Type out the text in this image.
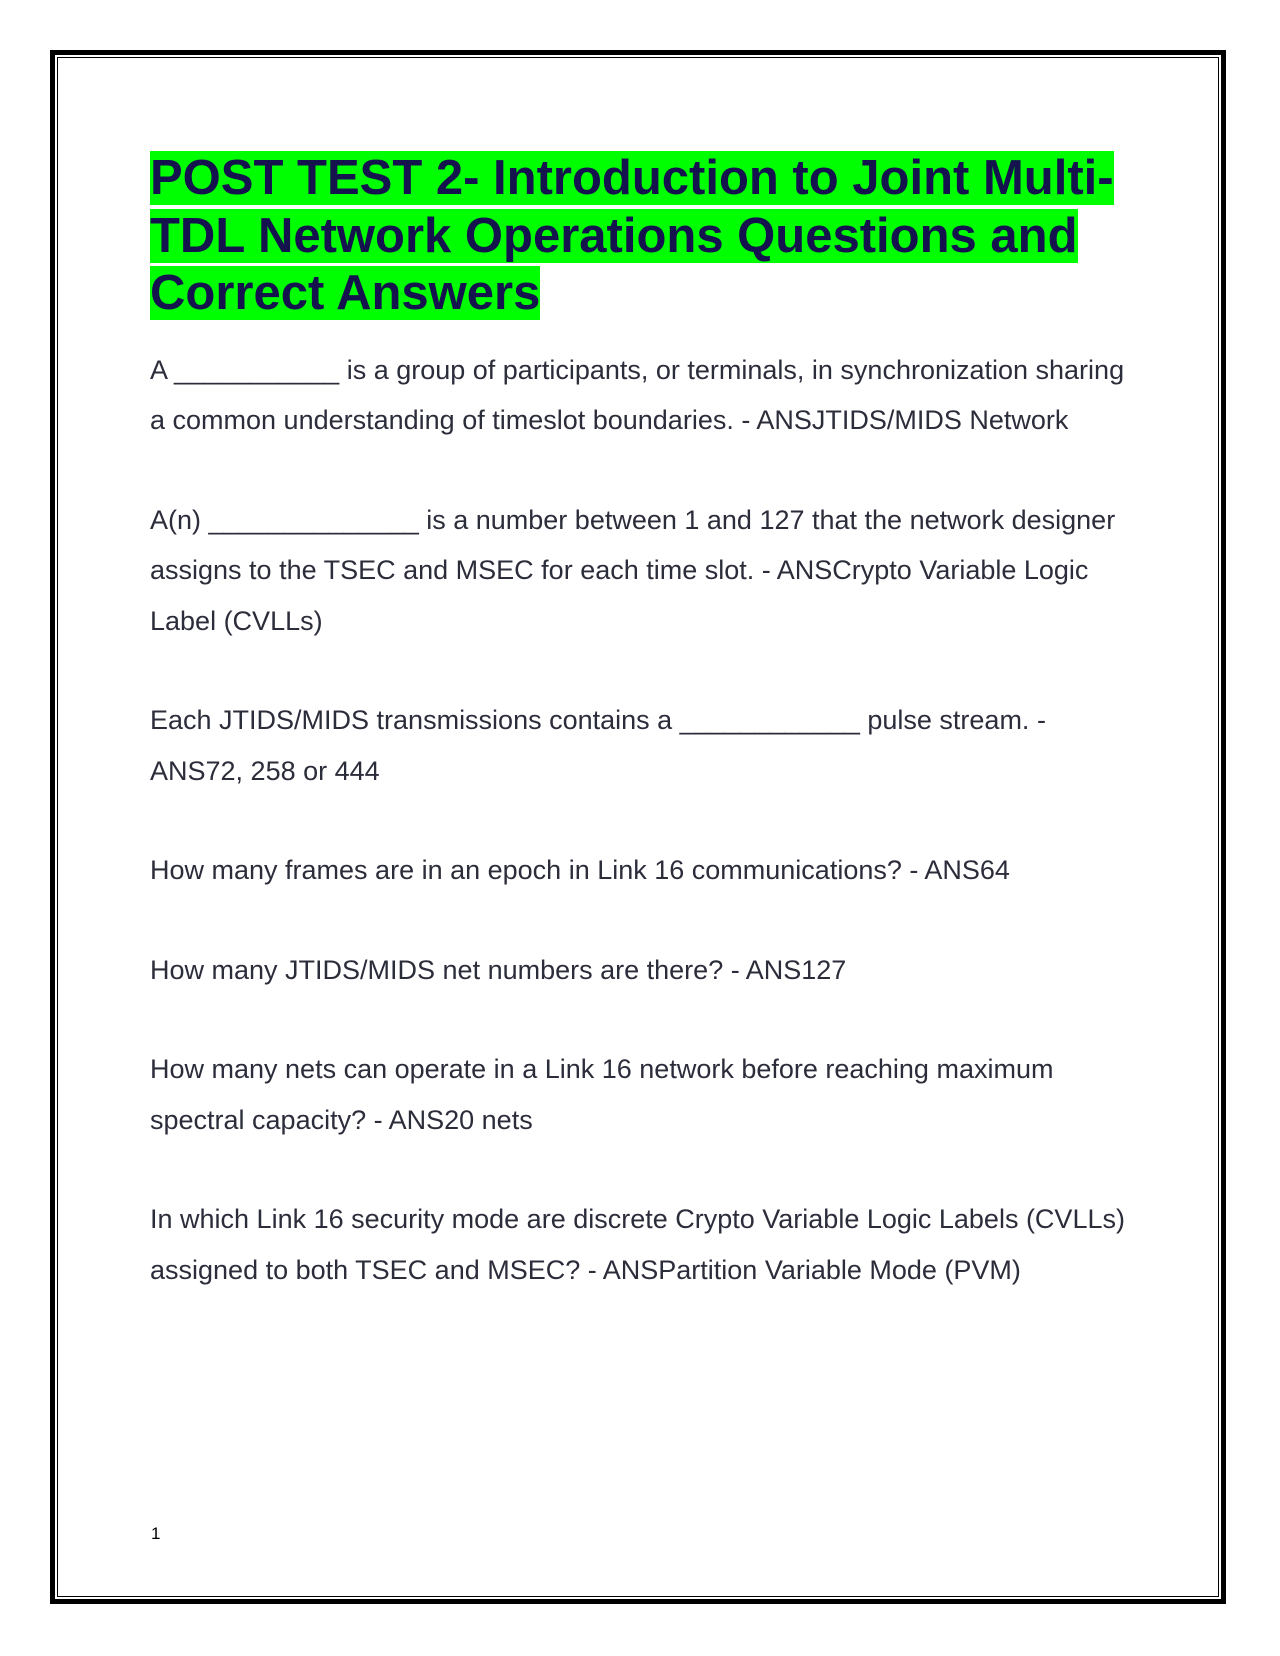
POST TEST 2- Introduction to Joint Multi-TDL Network Operations Questions and Correct Answers

A ___________ is a group of participants, or terminals, in synchronization sharing a common understanding of timeslot boundaries. - ANSJTIDS/MIDS Network

A(n) ______________ is a number between 1 and 127 that the network designer assigns to the TSEC and MSEC for each time slot. - ANSCrypto Variable Logic Label (CVLLs)

Each JTIDS/MIDS transmissions contains a ____________ pulse stream. - ANS72, 258 or 444

How many frames are in an epoch in Link 16 communications? - ANS64

How many JTIDS/MIDS net numbers are there? - ANS127

How many nets can operate in a Link 16 network before reaching maximum spectral capacity? - ANS20 nets

In which Link 16 security mode are discrete Crypto Variable Logic Labels (CVLLs) assigned to both TSEC and MSEC? - ANSPartition Variable Mode (PVM)

1
